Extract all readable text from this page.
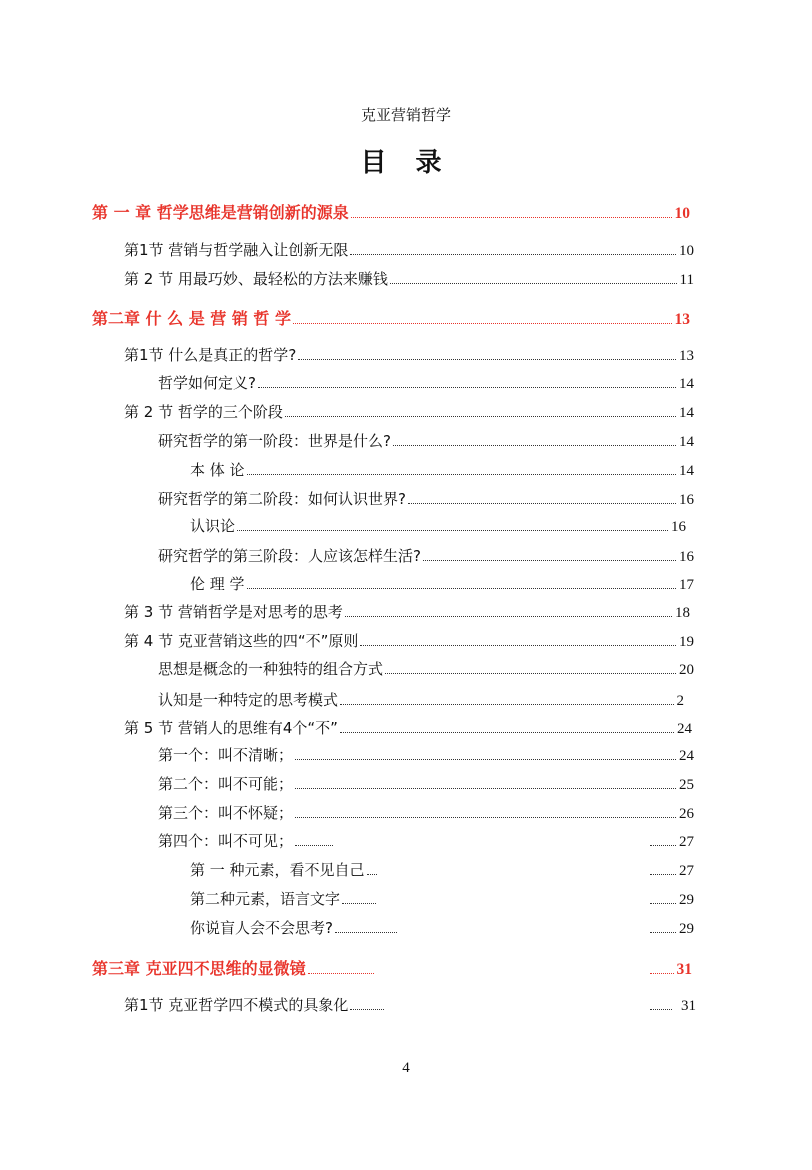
克亚营销哲学
目 录
第 一 章 哲学思维是营销创新的源泉	10
第1节 营销与哲学融入让创新无限	10
第 2 节 用最巧妙、最轻松的方法来赚钱	11
第二章 什 么 是 营 销 哲 学	13
第1节 什么是真正的哲学?	13
哲学如何定义?	14
第 2 节 哲学的三个阶段	14
研究哲学的第一阶段：世界是什么?	14
本 体 论	14
研究哲学的第二阶段：如何认识世界?	16
认识论	16
研究哲学的第三阶段：人应该怎样生活?	16
伦 理 学	17
第 3 节 营销哲学是对思考的思考	18
第 4 节 克亚营销这些的四“不”原则	19
思想是概念的一种独特的组合方式	20
认知是一种特定的思考模式	2
第 5 节 营销人的思维有4个“不”	24
第一个：叫不清晰；	24
第二个：叫不可能；	25
第三个：叫不怀疑；	26
第四个：叫不可见；	27
第 一 种元素，看不见自己	27
第二种元素，语言文字	29
你说盲人会不会思考?	29
第三章 克亚四不思维的显微镜	31
第1节 克亚哲学四不模式的具象化	31
4
